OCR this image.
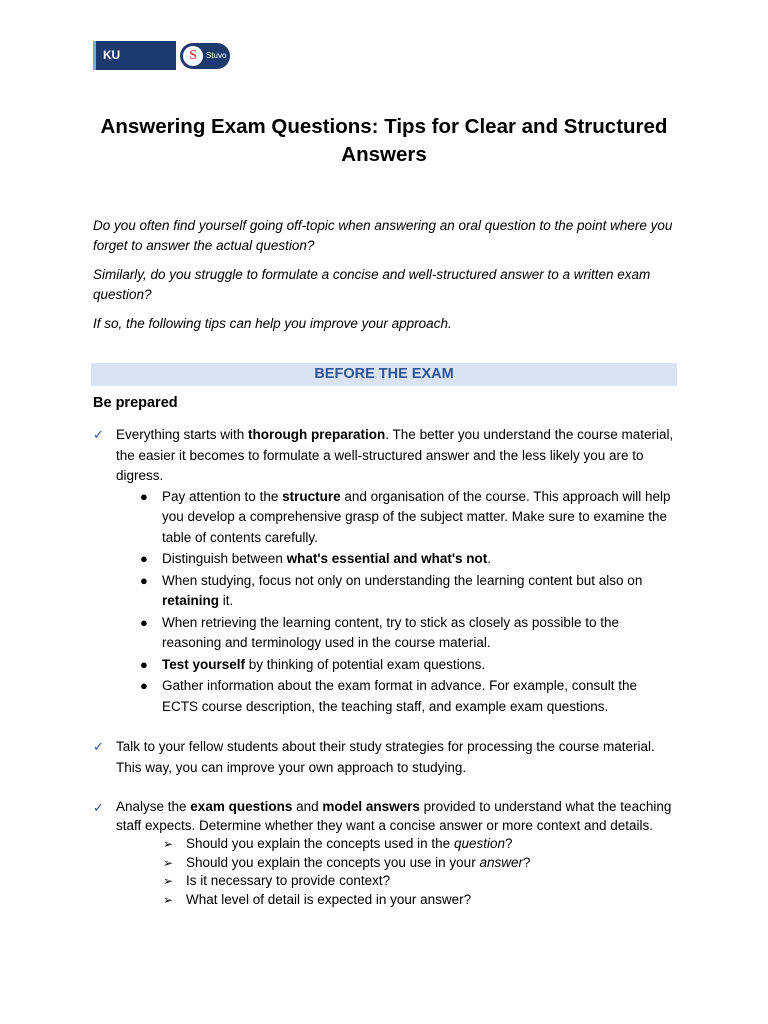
KU LEUVEN
S	Stuvo
Answering Exam Questions: Tips for Clear and Structured Answers

Do you often find yourself going off-topic when answering an oral question to the point where you forget to answer the actual question?

Similarly, do you struggle to formulate a concise and well-structured answer to a written exam question?

If so, the following tips can help you improve your approach.

BEFORE THE EXAM
Be prepared
✓ Everything starts with thorough preparation. The better you understand the course material, the easier it becomes to formulate a well-structured answer and the less likely you are to digress.
● Pay attention to the structure and organisation of the course. This approach will help you develop a comprehensive grasp of the subject matter. Make sure to examine the table of contents carefully.
● Distinguish between what's essential and what's not.
● When studying, focus not only on understanding the learning content but also on retaining it.
● When retrieving the learning content, try to stick as closely as possible to the reasoning and terminology used in the course material.
● Test yourself by thinking of potential exam questions.
● Gather information about the exam format in advance. For example, consult the ECTS course description, the teaching staff, and example exam questions.
✓ Talk to your fellow students about their study strategies for processing the course material. This way, you can improve your own approach to studying.
✓ Analyse the exam questions and model answers provided to understand what the teaching staff expects. Determine whether they want a concise answer or more context and details.
➢ Should you explain the concepts used in the question?
➢ Should you explain the concepts you use in your answer?
➢ Is it necessary to provide context?
➢ What level of detail is expected in your answer?
